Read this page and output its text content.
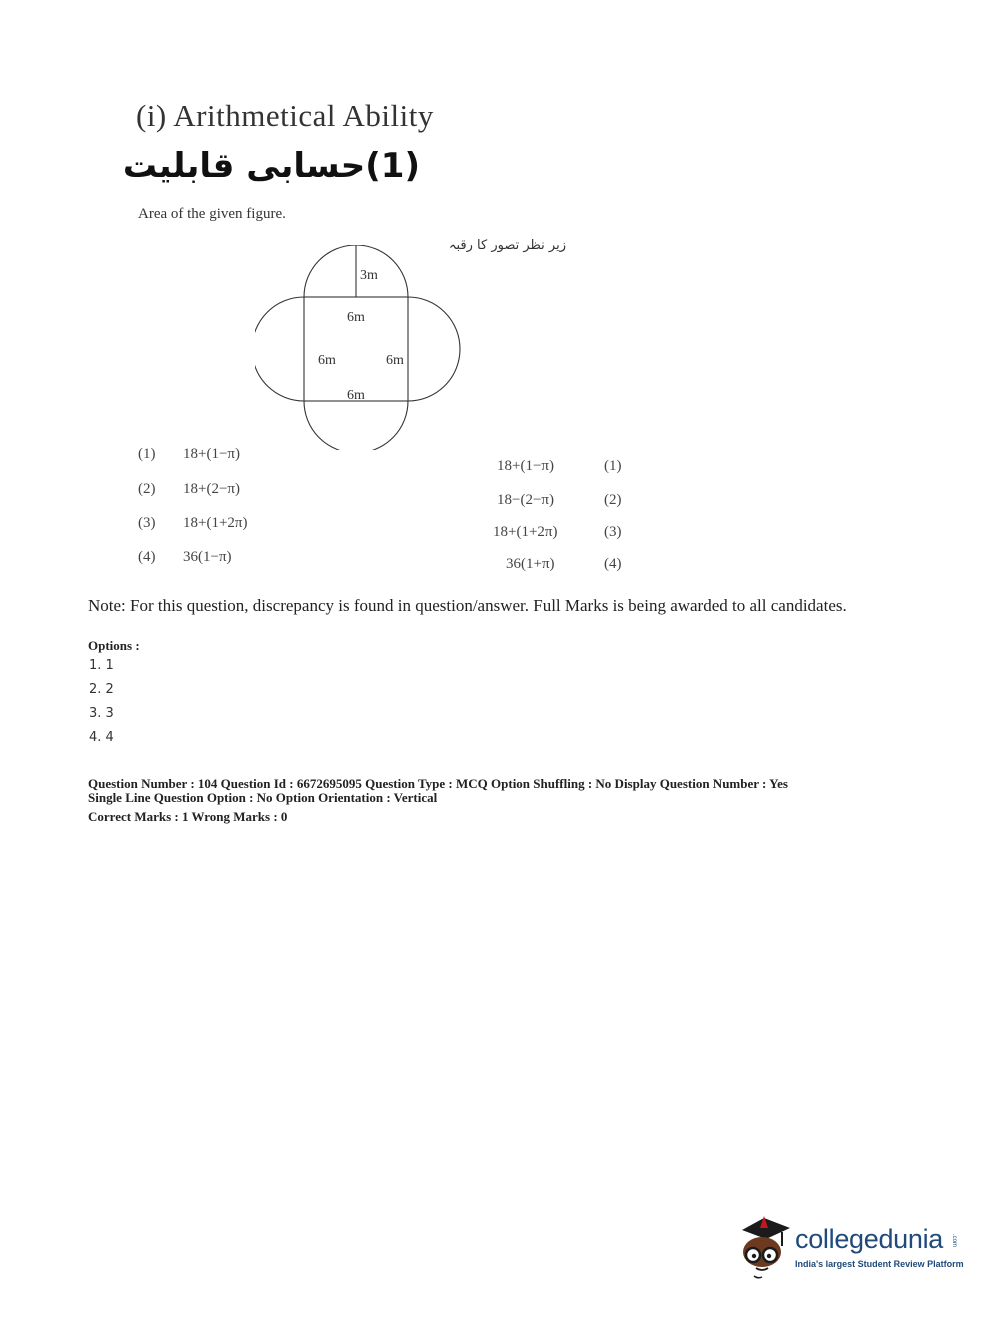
(i) Arithmetical Ability
(1)حسابی قابلیت
Area of the given figure.
زیر نظر تصور کا رقبہ
3m
6m
6m	6m
6m
(1) 18+(1−π)
(2) 18+(2−π)
(3) 18+(1+2π)
(4) 36(1−π)
18+(1−π)	(1)
18−(2−π)	(2)
18+(1+2π)	(3)
36(1+π)	(4)
Note: For this question, discrepancy is found in question/answer. Full Marks is being awarded to all candidates.
Options :
1. 1
2. 2
3. 3
4. 4
Question Number : 104 Question Id : 6672695095 Question Type : MCQ Option Shuffling : No Display Question Number : Yes
Single Line Question Option : No Option Orientation : Vertical
Correct Marks : 1 Wrong Marks : 0
collegedunia .com
India's largest Student Review Platform
